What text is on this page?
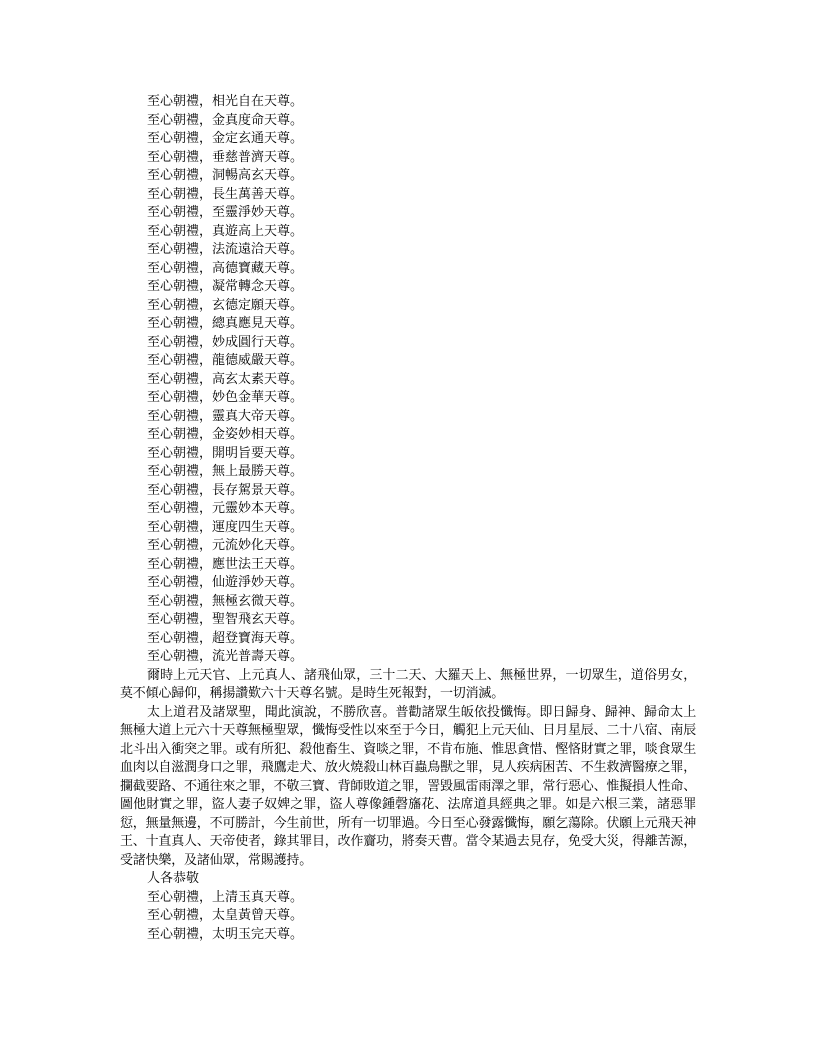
至心朝禮，相光自在天尊。
至心朝禮，金真度命天尊。
至心朝禮，金定玄通天尊。
至心朝禮，垂慈普濟天尊。
至心朝禮，洞暢高玄天尊。
至心朝禮，長生萬善天尊。
至心朝禮，至靈淨妙天尊。
至心朝禮，真遊高上天尊。
至心朝禮，法流遠洽天尊。
至心朝禮，高德寶藏天尊。
至心朝禮，凝常轉念天尊。
至心朝禮，玄德定願天尊。
至心朝禮，總真應見天尊。
至心朝禮，妙成圓行天尊。
至心朝禮，龍德威嚴天尊。
至心朝禮，高玄太素天尊。
至心朝禮，妙色金華天尊。
至心朝禮，靈真大帝天尊。
至心朝禮，金姿妙相天尊。
至心朝禮，開明旨要天尊。
至心朝禮，無上最勝天尊。
至心朝禮，長存駕景天尊。
至心朝禮，元靈妙本天尊。
至心朝禮，運度四生天尊。
至心朝禮，元流妙化天尊。
至心朝禮，應世法王天尊。
至心朝禮，仙遊淨妙天尊。
至心朝禮，無極玄微天尊。
至心朝禮，聖智飛玄天尊。
至心朝禮，超登寶海天尊。
至心朝禮，流光普壽天尊。

爾時上元天官、上元真人、諸飛仙眾，三十二天、大羅天上、無極世界，一切眾生，道俗男女，莫不傾心歸仰，稱揚讚歎六十天尊名號。是時生死報對，一切消滅。

太上道君及諸眾聖，聞此演說，不勝欣喜。普勸諸眾生皈依投懺悔。即日歸身、歸神、歸命太上無極大道上元六十天尊無極聖眾，懺悔受性以來至于今日，觸犯上元天仙、日月星辰、二十八宿、南辰北斗出入衝突之罪。或有所犯、殺他畜生、資啖之罪，不肯布施、惟思貪惜、慳悋財實之罪，啖食眾生血肉以自滋潤身口之罪，飛鷹走犬、放火燒殺山林百蟲鳥獸之罪，見人疾病困苦、不生救濟醫療之罪，攔截要路、不通往來之罪，不敬三寶、背師敗道之罪，詈毀風雷雨澤之罪，常行惡心、惟擬損人性命、圖他財實之罪，盜人妻子奴婢之罪，盜人尊像鍾磬旛花、法席道具經典之罪。如是六根三業，諸惡罪愆，無量無邊，不可勝計，今生前世，所有一切罪過。今日至心發露懺悔，願乞蕩除。伏願上元飛天神王、十直真人、天帝使者，錄其罪目，改作齎功，將奏天曹。當令某過去見存，免受大災，得離苦源，受諸快樂，及諸仙眾，常賜護持。

人各恭敬
至心朝禮，上清玉真天尊。
至心朝禮，太皇黃曾天尊。
至心朝禮，太明玉完天尊。
